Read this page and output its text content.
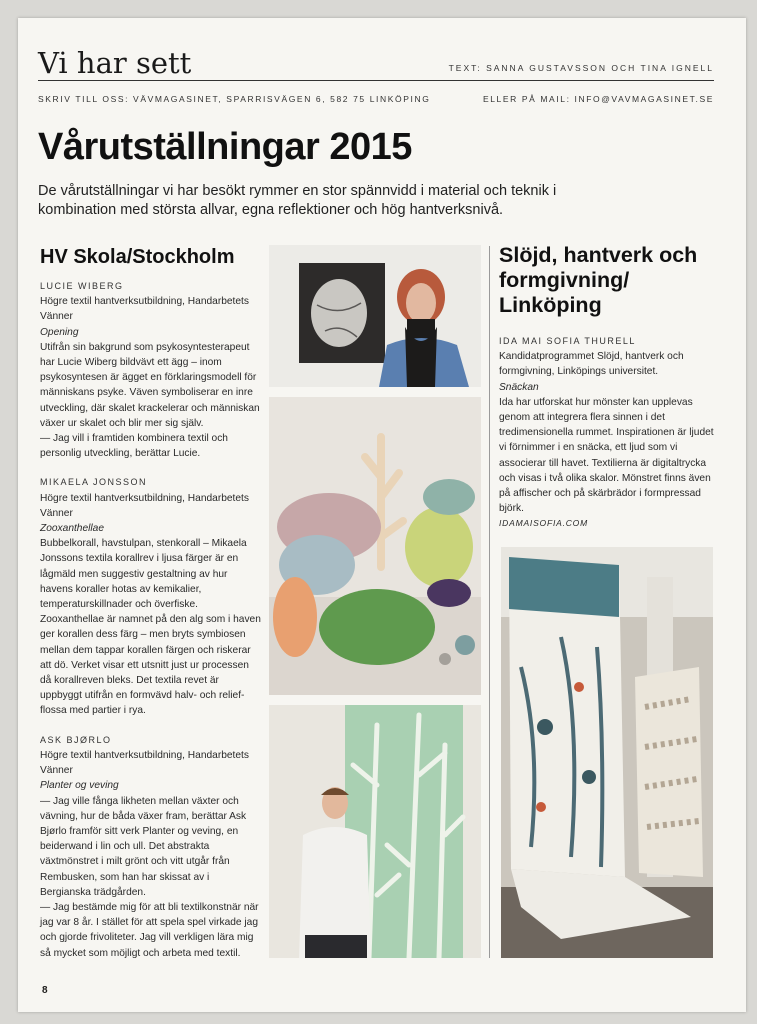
Vi har sett	TEXT: SANNA GUSTAVSSON OCH TINA IGNELL
SKRIV TILL OSS: VÄVMAGASINET, SPARRISVÄGEN 6, 582 75 LINKÖPING	ELLER PÅ MAIL: INFO@VAVMAGASINET.SE
Vårutställningar 2015
De vårutställningar vi har besökt rymmer en stor spännvidd i material och teknik i kombination med största allvar, egna reflektioner och hög hantverksnivå.
HV Skola/Stockholm
LUCIE WIBERG
Högre textil hantverksutbildning, Handarbetets Vänner
Opening
Utifrån sin bakgrund som psykosyntesterapeut har Lucie Wiberg bildvävt ett ägg – inom psykosyntesen är ägget en förklaringsmodell för människans psyke. Väven symboliserar en inre utveckling, där skalet krackelerar och människan växer ur skalet och blir mer sig själv.
— Jag vill i framtiden kombinera textil och personlig utveckling, berättar Lucie.
MIKAELA JONSSON
Högre textil hantverksutbildning, Handarbetets Vänner
Zooxanthellae
Bubbelkorall, havstulpan, stenkorall – Mikaela Jonssons textila korallrev i ljusa färger är en lågmäld men suggestiv gestaltning av hur havens koraller hotas av kemikalier, temperaturskillnader och överfiske. Zooxanthellae är namnet på den alg som i haven ger korallen dess färg – men bryts symbiosen mellan dem tappar korallen färgen och riskerar att dö. Verket visar ett utsnitt just ur processen då korallreven bleks. Det textila revet är uppbyggt utifrån en formvävd halv- och relief-flossa med partier i rya.
ASK BJØRLO
Högre textil hantverksutbildning, Handarbetets Vänner
Planter og veving
— Jag ville fånga likheten mellan växter och vävning, hur de båda växer fram, berättar Ask Bjørlo framför sitt verk Planter og veving, en beiderwand i lin och ull. Det abstrakta växtmönstret i milt grönt och vitt utgår från Rembusken, som han har skissat av i Bergianska trädgården.
— Jag bestämde mig för att bli textilkonstnär när jag var 8 år. I stället för att spela spel virkade jag och gjorde frivoliteter. Jag vill verkligen lära mig så mycket som möjligt och arbeta med textil.
Slöjd, hantverk och formgivning/ Linköping
IDA MAI SOFIA THURELL
Kandidatprogrammet Slöjd, hantverk och formgivning, Linköpings universitet.
Snäckan
Ida har utforskat hur mönster kan upplevas genom att integrera flera sinnen i det tredimensionella rummet. Inspirationen är ljudet vi förnimmer i en snäcka, ett ljud som vi associerar till havet. Textilierna är digitaltrycka och visas i två olika skalor. Mönstret finns även på affischer och på skärbrädor i formpressad björk.
IDAMAISOFIA.COM
8
